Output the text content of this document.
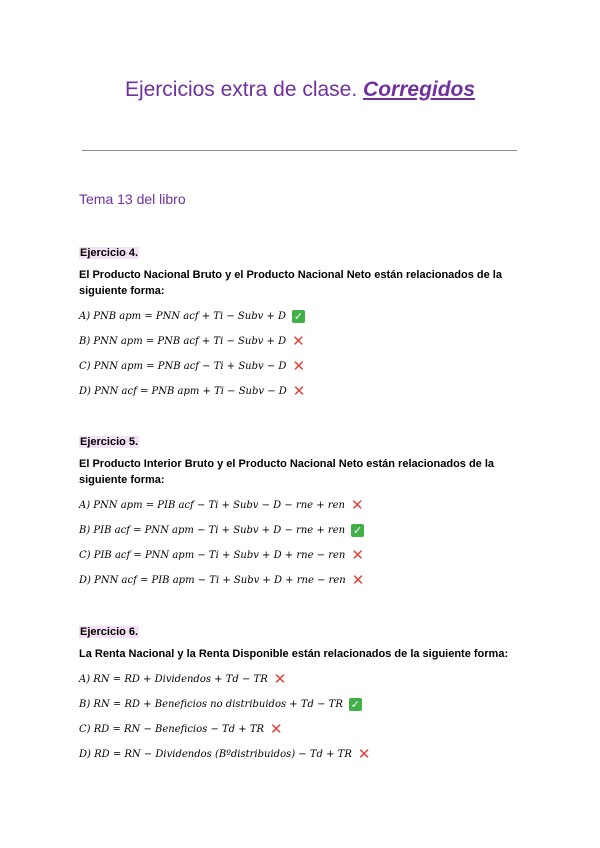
Ejercicios extra de clase. Corregidos
Tema 13 del libro
Ejercicio 4.
El Producto Nacional Bruto y el Producto Nacional Neto están relacionados de la siguiente forma:
A) PNB apm = PNN acf + Ti − Subv + D ✓
B) PNN apm = PNB acf + Ti − Subv + D ✕
C) PNN apm = PNB acf − Ti + Subv − D ✕
D) PNN acf = PNB apm + Ti − Subv − D ✕
Ejercicio 5.
El Producto Interior Bruto y el Producto Nacional Neto están relacionados de la siguiente forma:
A) PNN apm = PIB acf − Ti + Subv − D − rne + ren ✕
B) PIB acf = PNN apm − Ti + Subv + D − rne + ren ✓
C) PIB acf = PNN apm − Ti + Subv + D + rne − ren ✕
D) PNN acf = PIB apm − Ti + Subv + D + rne − ren ✕
Ejercicio 6.
La Renta Nacional y la Renta Disponible están relacionados de la siguiente forma:
A) RN = RD + Dividendos + Td − TR ✕
B) RN = RD + Beneficios no distribuidos + Td − TR ✓
C) RD = RN − Beneficios − Td + TR ✕
D) RD = RN − Dividendos (Bºdistribuidos) − Td + TR ✕
